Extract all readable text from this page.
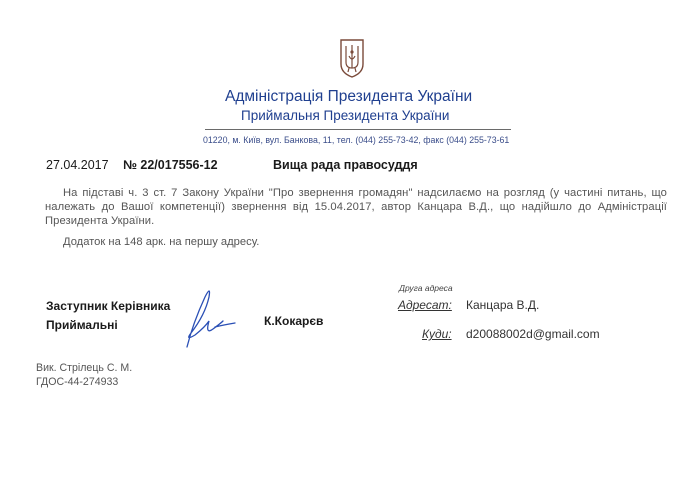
Адміністрація Президента України
Приймальня Президента України
01220, м. Київ, вул. Банкова, 11, тел. (044) 255-73-42, факс (044) 255-73-61
27.04.2017 № 22/017556-12	Вища рада правосуддя
На підставі ч. 3 ст. 7 Закону України "Про звернення громадян" надсилаємо на розгляд (у частині питань, що належать до Вашої компетенції) звернення від 15.04.2017, автор Канцара В.Д., що надійшло до Адміністрації Президента України.
Додаток на 148 арк. на першу адресу.
Друга адреса
Адресат: Канцара В.Д.
Куди: d20088002d@gmail.com
Заступник Керівника
Приймальні	К.Кокарєв
Вик. Стрілець С. М.
ГДОС-44-274933
